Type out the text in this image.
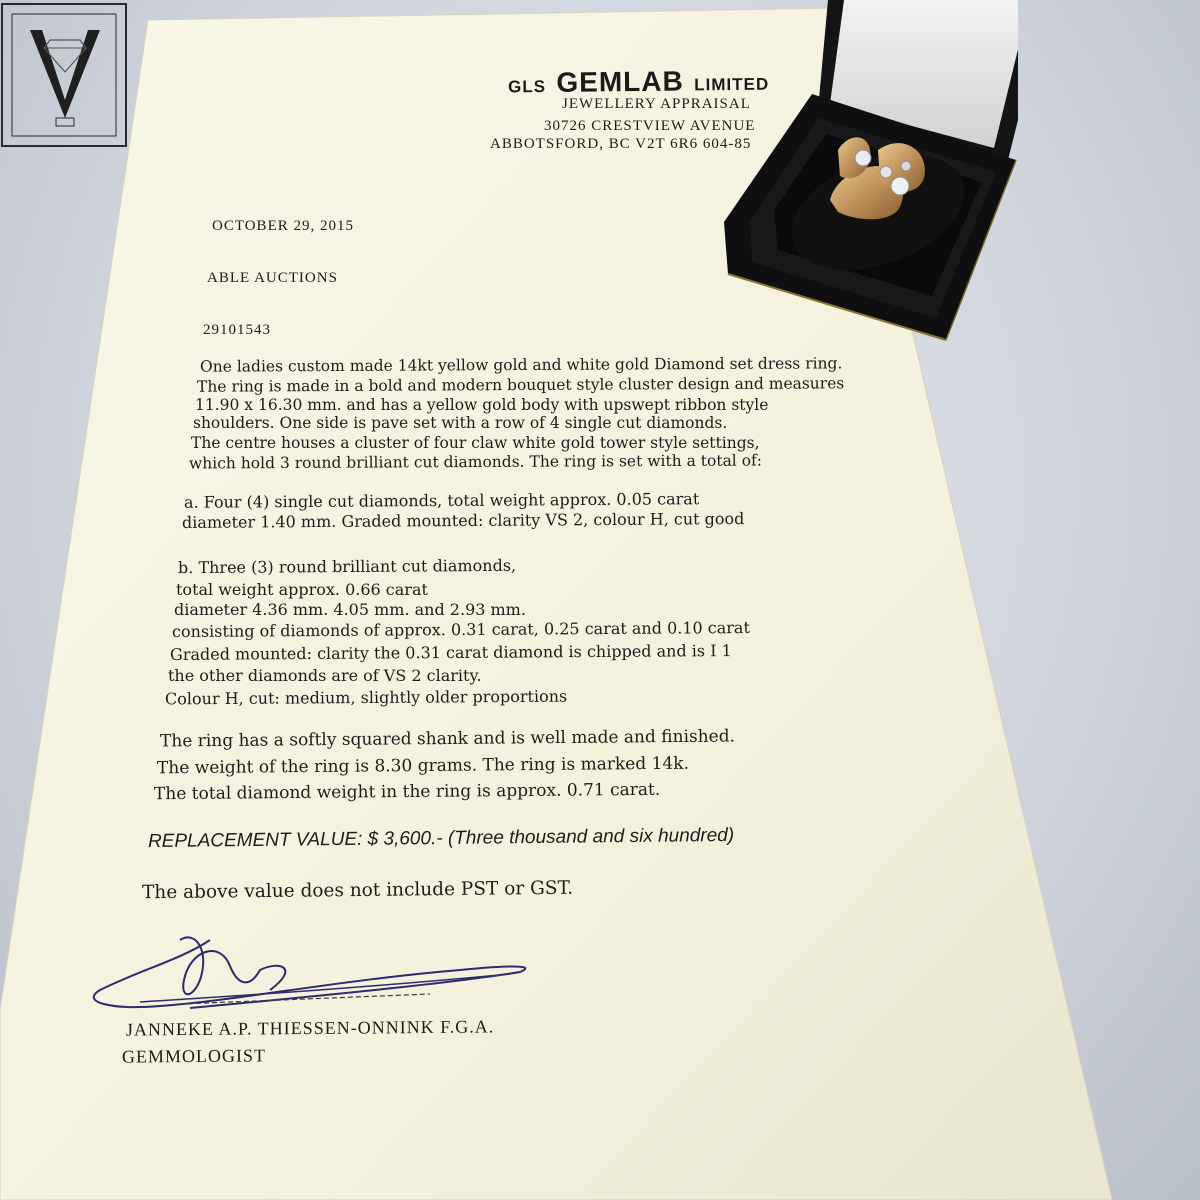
GLS GEMLAB LIMITED
JEWELLERY APPRAISAL
30726 CRESTVIEW AVENUE
ABBOTSFORD, BC V2T 6R6 604-85
OCTOBER 29, 2015
ABLE AUCTIONS
29101543
One ladies custom made 14kt yellow gold and white gold Diamond set dress ring.
The ring is made in a bold and modern bouquet style cluster design and measures
11.90 x 16.30 mm. and has a yellow gold body with upswept ribbon style
shoulders. One side is pave set with a row of 4 single cut diamonds.
The centre houses a cluster of four claw white gold tower style settings,
which hold 3 round brilliant cut diamonds. The ring is set with a total of:
a. Four (4) single cut diamonds, total weight approx. 0.05 carat
diameter 1.40 mm. Graded mounted: clarity VS 2, colour H, cut good
b. Three (3) round brilliant cut diamonds,
total weight approx. 0.66 carat
diameter 4.36 mm. 4.05 mm. and 2.93 mm.
consisting of diamonds of approx. 0.31 carat, 0.25 carat and 0.10 carat
Graded mounted: clarity the 0.31 carat diamond is chipped and is I 1
the other diamonds are of VS 2 clarity.
Colour H, cut: medium, slightly older proportions
The ring has a softly squared shank and is well made and finished.
The weight of the ring is 8.30 grams. The ring is marked 14k.
The total diamond weight in the ring is approx. 0.71 carat.
REPLACEMENT VALUE: $ 3,600.- (Three thousand and six hundred)
The above value does not include PST or GST.
JANNEKE A.P. THIESSEN-ONNINK F.G.A.
GEMMOLOGIST
